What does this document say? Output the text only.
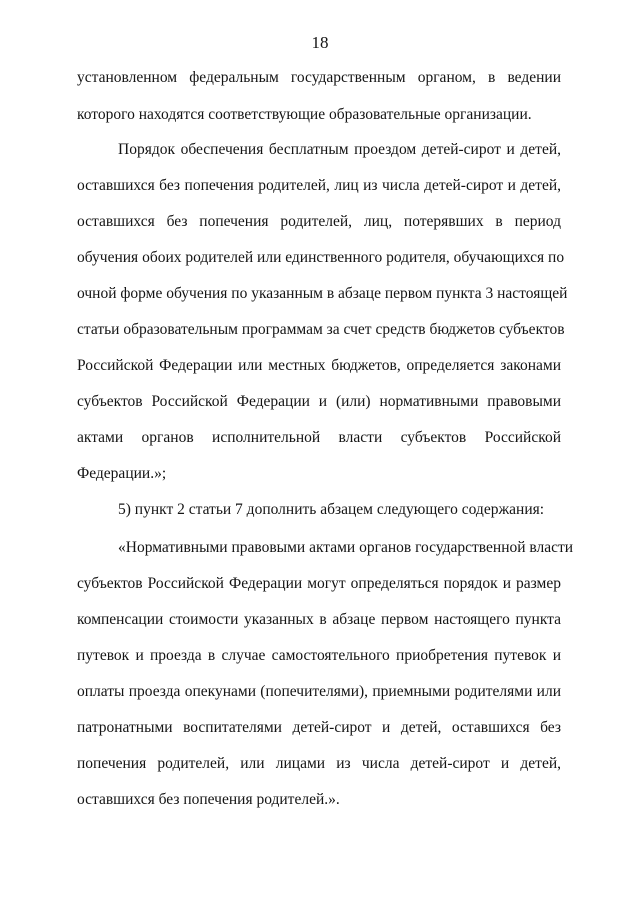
18
установленном федеральным государственным органом, в ведении
которого находятся соответствующие образовательные организации.
Порядок обеспечения бесплатным проездом детей-сирот и детей,
оставшихся без попечения родителей, лиц из числа детей-сирот и детей,
оставшихся без попечения родителей, лиц, потерявших в период
обучения обоих родителей или единственного родителя, обучающихся по
очной форме обучения по указанным в абзаце первом пункта 3 настоящей
статьи образовательным программам за счет средств бюджетов субъектов
Российской Федерации или местных бюджетов, определяется законами
субъектов Российской Федерации и (или) нормативными правовыми
актами органов исполнительной власти субъектов Российской
Федерации.»;
5) пункт 2 статьи 7 дополнить абзацем следующего содержания:
«Нормативными правовыми актами органов государственной власти
субъектов Российской Федерации могут определяться порядок и размер
компенсации стоимости указанных в абзаце первом настоящего пункта
путевок и проезда в случае самостоятельного приобретения путевок и
оплаты проезда опекунами (попечителями), приемными родителями или
патронатными воспитателями детей-сирот и детей, оставшихся без
попечения родителей, или лицами из числа детей-сирот и детей,
оставшихся без попечения родителей.».
